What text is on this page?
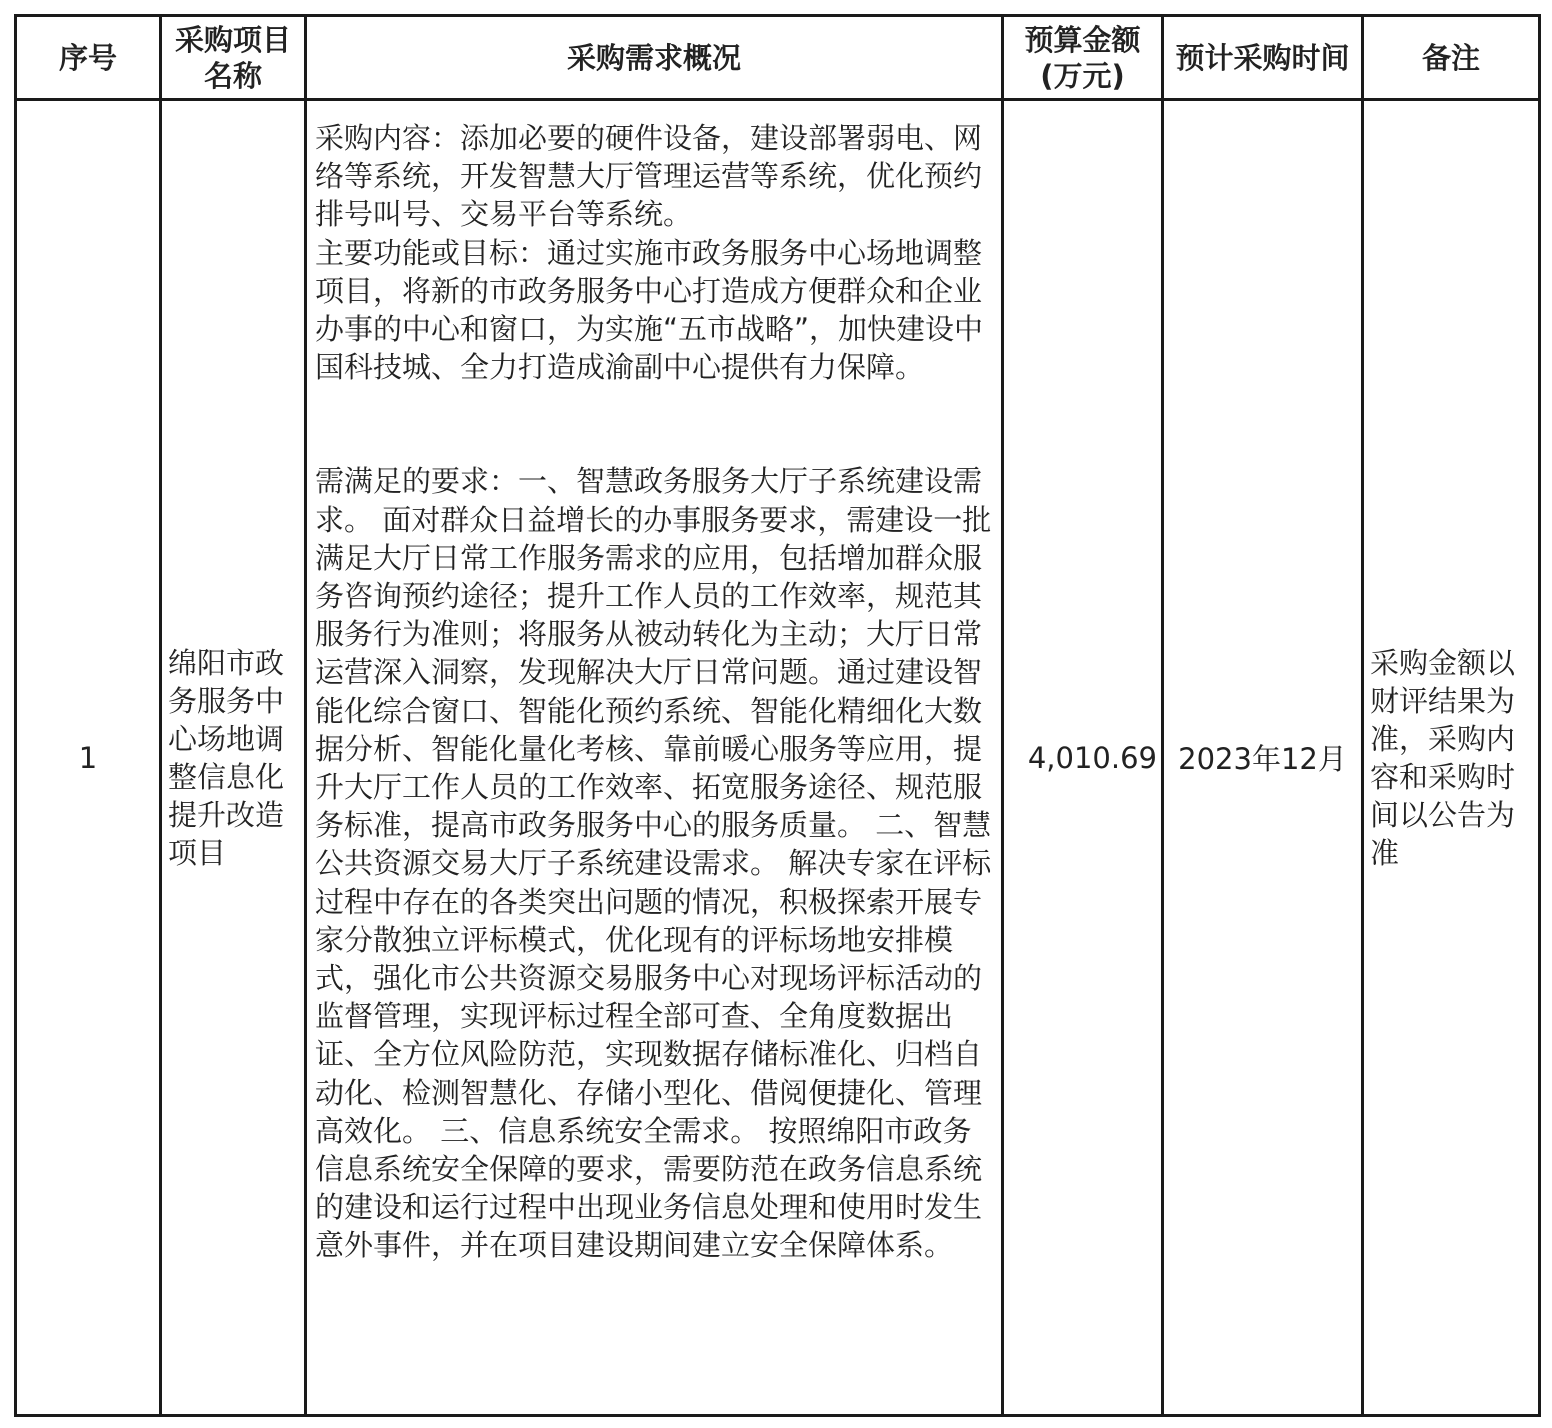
序号	采购项目名称	采购需求概况	预算金额(万元)	预计采购时间	备注
1	绵阳市政务服务中心场地调整信息化提升改造项目	采购内容：添加必要的硬件设备，建设部署弱电、网络等系统，开发智慧大厅管理运营等系统，优化预约排号叫号、交易平台等系统。

主要功能或目标：通过实施市政务服务中心场地调整项目，将新的市政务服务中心打造成方便群众和企业办事的中心和窗口，为实施“五市战略”，加快建设中国科技城、全力打造成渝副中心提供有力保障。

需满足的要求：一、智慧政务服务大厅子系统建设需求。 面对群众日益增长的办事服务要求，需建设一批满足大厅日常工作服务需求的应用，包括增加群众服务咨询预约途径；提升工作人员的工作效率，规范其服务行为准则；将服务从被动转化为主动；大厅日常运营深入洞察，发现解决大厅日常问题。通过建设智能化综合窗口、智能化预约系统、智能化精细化大数据分析、智能化量化考核、靠前暖心服务等应用，提升大厅工作人员的工作效率、拓宽服务途径、规范服务标准，提高市政务服务中心的服务质量。 二、智慧公共资源交易大厅子系统建设需求。 解决专家在评标过程中存在的各类突出问题的情况，积极探索开展专家分散独立评标模式，优化现有的评标场地安排模式，强化市公共资源交易服务中心对现场评标活动的监督管理，实现评标过程全部可查、全角度数据出证、全方位风险防范，实现数据存储标准化、归档自动化、检测智慧化、存储小型化、借阅便捷化、管理高效化。 三、信息系统安全需求。 按照绵阳市政务信息系统安全保障的要求，需要防范在政务信息系统的建设和运行过程中出现业务信息处理和使用时发生意外事件，并在项目建设期间建立安全保障体系。	4,010.69	2023年12月	采购金额以财评结果为准，采购内容和采购时间以公告为准
